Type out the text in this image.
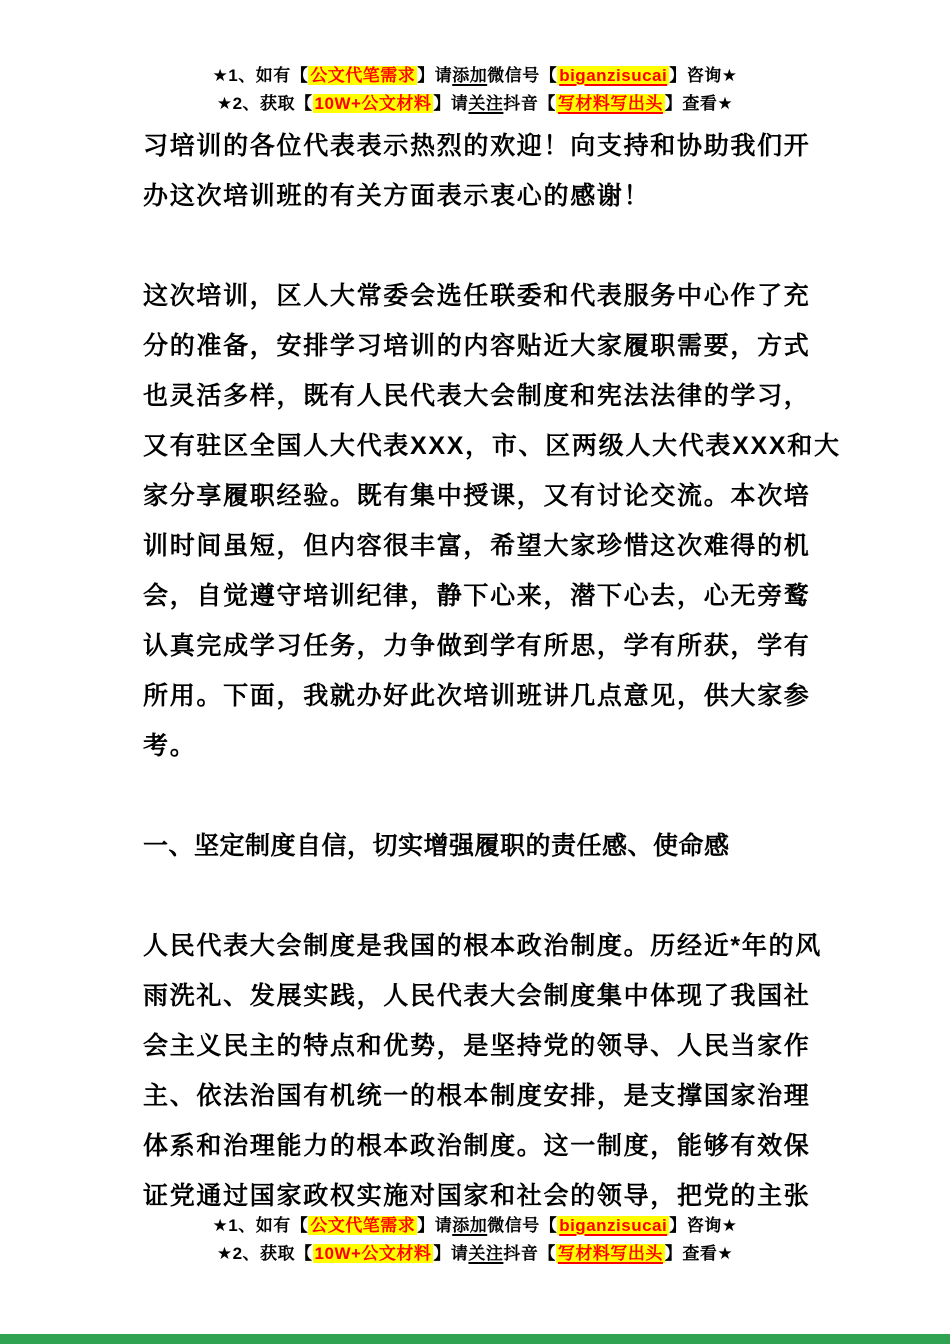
★1、如有【 公文代笔需求 】请添加微信号【 biganzisucai 】咨询★
★2、获取【 10W+公文材料 】请关注抖音【 写材料写出头 】查看★
习培训的各位代表表示热烈的欢迎！向支持和协助我们开
办这次培训班的有关方面表示衷心的感谢！
这次培训，区人大常委会选任联委和代表服务中心作了充
分的准备，安排学习培训的内容贴近大家履职需要，方式
也灵活多样，既有人民代表大会制度和宪法法律的学习，
又有驻区全国人大代表XXX，市、区两级人大代表XXX和大
家分享履职经验。既有集中授课，又有讨论交流。本次培
训时间虽短，但内容很丰富，希望大家珍惜这次难得的机
会，自觉遵守培训纪律，静下心来，潜下心去，心无旁鹜
认真完成学习任务，力争做到学有所思，学有所获，学有
所用。下面，我就办好此次培训班讲几点意见，供大家参
考。
一、坚定制度自信，切实增强履职的责任感、使命感
人民代表大会制度是我国的根本政治制度。历经近*年的风
雨洗礼、发展实践，人民代表大会制度集中体现了我国社
会主义民主的特点和优势，是坚持党的领导、人民当家作
主、依法治国有机统一的根本制度安排，是支撑国家治理
体系和治理能力的根本政治制度。这一制度，能够有效保
证党通过国家政权实施对国家和社会的领导，把党的主张
★1、如有【 公文代笔需求 】请添加微信号【 biganzisucai 】咨询★
★2、获取【 10W+公文材料 】请关注抖音【 写材料写出头 】查看★
